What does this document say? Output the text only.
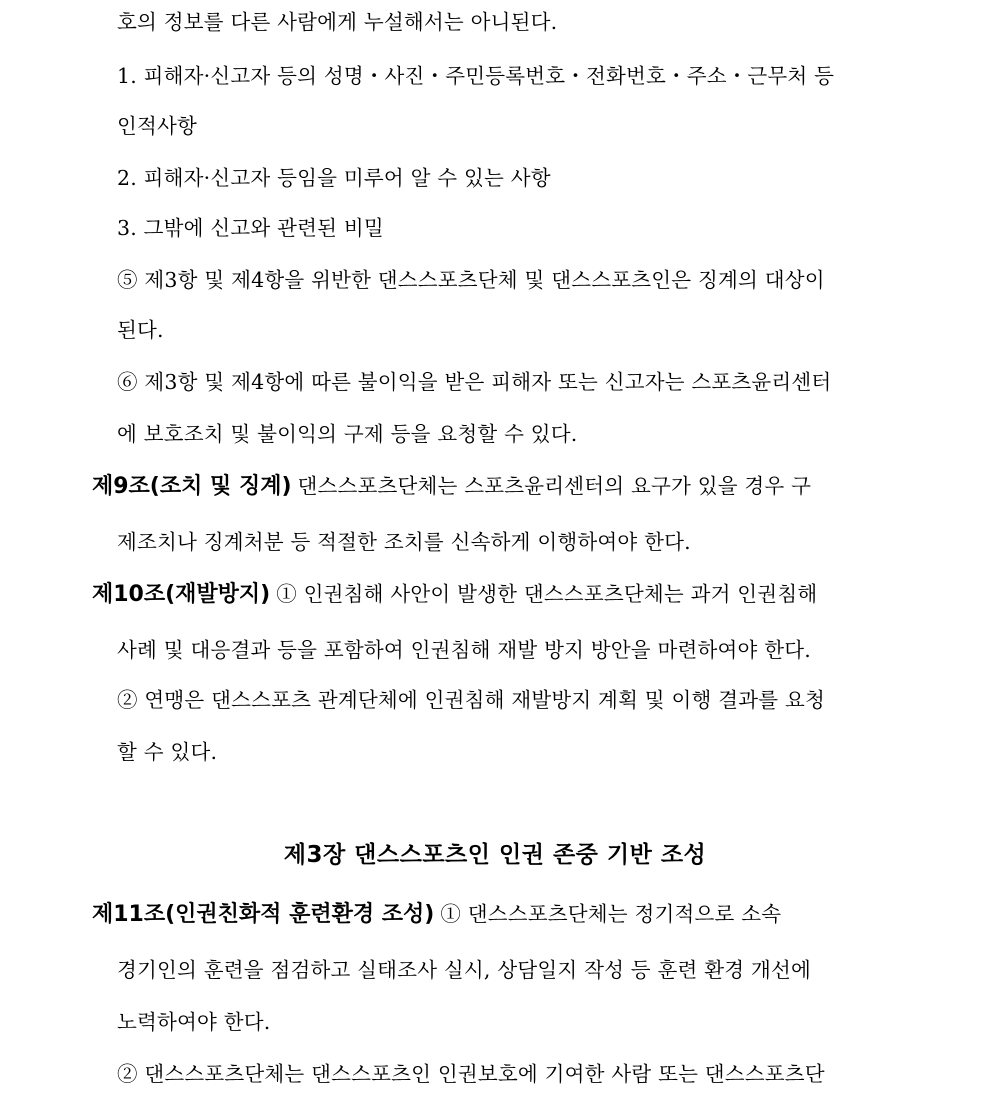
호의 정보를 다른 사람에게 누설해서는 아니된다.
1. 피해자·신고자 등의 성명・사진・주민등록번호・전화번호・주소・근무처 등
인적사항
2. 피해자·신고자 등임을 미루어 알 수 있는 사항
3. 그밖에 신고와 관련된 비밀
⑤ 제3항 및 제4항을 위반한 댄스스포츠단체 및 댄스스포츠인은 징계의 대상이
된다.
⑥ 제3항 및 제4항에 따른 불이익을 받은 피해자 또는 신고자는 스포츠윤리센터
에 보호조치 및 불이익의 구제 등을 요청할 수 있다.
제9조(조치 및 징계) 댄스스포츠단체는 스포츠윤리센터의 요구가 있을 경우 구
제조치나 징계처분 등 적절한 조치를 신속하게 이행하여야 한다.
제10조(재발방지) ① 인권침해 사안이 발생한 댄스스포츠단체는 과거 인권침해
사례 및 대응결과 등을 포함하여 인권침해 재발 방지 방안을 마련하여야 한다.
② 연맹은 댄스스포츠 관계단체에 인권침해 재발방지 계획 및 이행 결과를 요청
할 수 있다.
제3장 댄스스포츠인 인권 존중 기반 조성
제11조(인권친화적 훈련환경 조성) ① 댄스스포츠단체는 정기적으로 소속
경기인의 훈련을 점검하고 실태조사 실시, 상담일지 작성 등 훈련 환경 개선에
노력하여야 한다.
② 댄스스포츠단체는 댄스스포츠인 인권보호에 기여한 사람 또는 댄스스포츠단
